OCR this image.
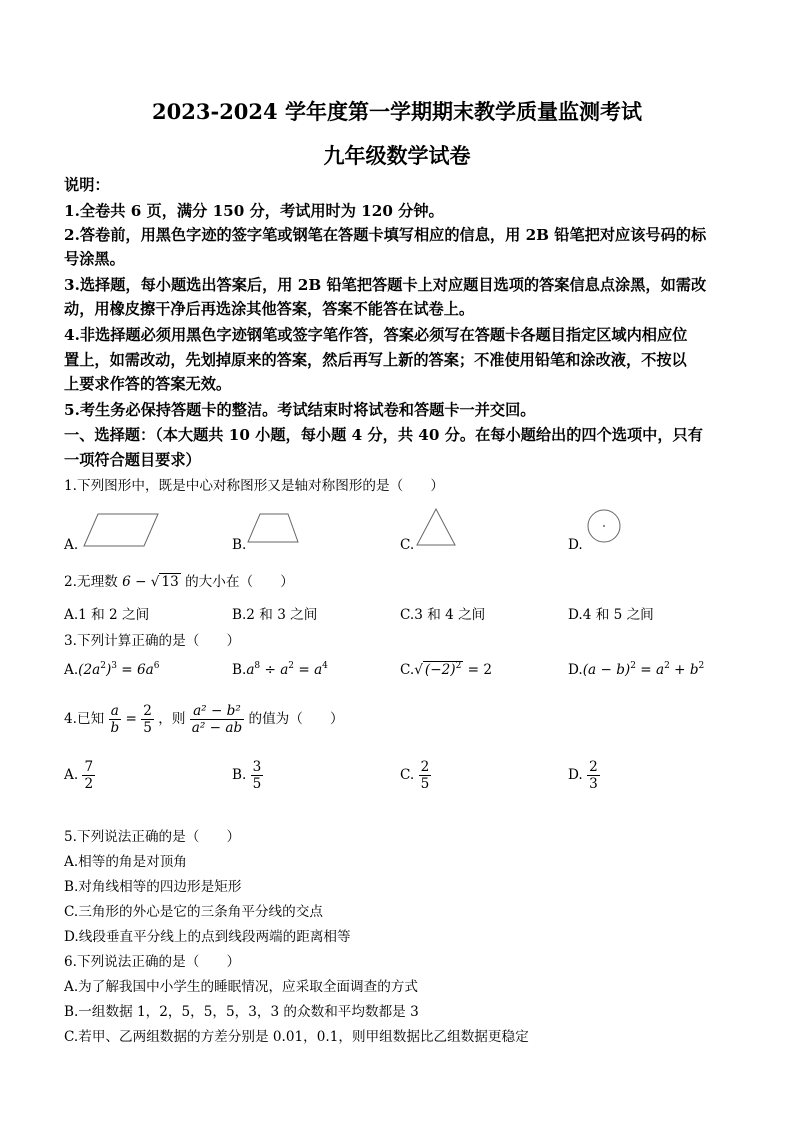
2023-2024 学年度第一学期期末教学质量监测考试
九年级数学试卷
说明：
1.全卷共 6 页，满分 150 分，考试用时为 120 分钟。
2.答卷前，用黑色字迹的签字笔或钢笔在答题卡填写相应的信息，用 2B 铅笔把对应该号码的标
号涂黑。
3.选择题，每小题选出答案后，用 2B 铅笔把答题卡上对应题目选项的答案信息点涂黑，如需改
动，用橡皮擦干净后再选涂其他答案，答案不能答在试卷上。
4.非选择题必须用黑色字迹钢笔或签字笔作答，答案必须写在答题卡各题目指定区域内相应位
置上，如需改动，先划掉原来的答案，然后再写上新的答案；不准使用铅笔和涂改液，不按以
上要求作答的答案无效。
5.考生务必保持答题卡的整洁。考试结束时将试卷和答题卡一并交回。
一、选择题：（本大题共 10 小题，每小题 4 分，共 40 分。在每小题给出的四个选项中，只有
一项符合题目要求）
1.下列图形中，既是中心对称图形又是轴对称图形的是（　　）
A.	B.	C.	D.
2.无理数 6 − √ 13 的大小在（　　）
A.1 和 2 之间	B.2 和 3 之间	C.3 和 4 之间	D.4 和 5 之间
3.下列计算正确的是（　　）
$A.(2a^2)^3 = 6a^6$	$B.a^8 \div a^2 = a^4$	C.√ $(-2)^2 = 2$	$D.(a - b)^2 = a^2 + b^2$
4.已知 $\frac{a}{b} = \frac{2}{5}$ ，则 $\frac{\text{a² − b²}}{\text{a² − ab}}$ 的值为（　　）
A. $\frac{7}{2}$	B. $\frac{3}{5}$	C. $\frac{2}{5}$	D. $\frac{2}{3}$
5.下列说法正确的是（　　）
A.相等的角是对顶角
B.对角线相等的四边形是矩形
C.三角形的外心是它的三条角平分线的交点
D.线段垂直平分线上的点到线段两端的距离相等
6.下列说法正确的是（　　）
A.为了解我国中小学生的睡眠情况，应采取全面调查的方式
B.一组数据 1，2，5，5，5，3，3 的众数和平均数都是 3
C.若甲、乙两组数据的方差分别是 0.01，0.1，则甲组数据比乙组数据更稳定
